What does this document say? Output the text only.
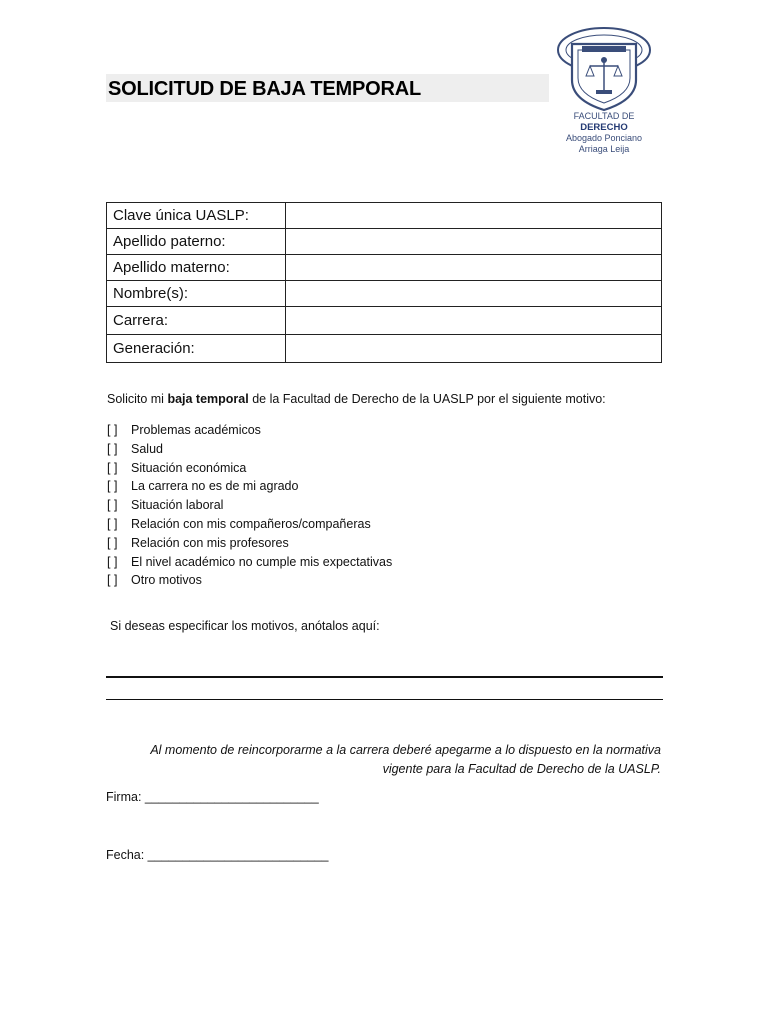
SOLICITUD DE BAJA TEMPORAL
FACULTAD DE
DERECHO
Abogado Ponciano
Arriaga Leija
Clave única UASLP:	
Apellido paterno:	
Apellido materno:	
Nombre(s):	
Carrera:	
Generación:	
Solicito mi baja temporal de la Facultad de Derecho de la UASLP por el siguiente motivo:
[ ] Problemas académicos
[ ] Salud
[ ] Situación económica
[ ] La carrera no es de mi agrado
[ ] Situación laboral
[ ] Relación con mis compañeros/compañeras
[ ] Relación con mis profesores
[ ] El nivel académico no cumple mis expectativas
[ ] Otro motivos
Si deseas especificar los motivos, anótalos aquí:
Al momento de reincorporarme a la carrera deberé apegarme a lo dispuesto en la normativa
vigente para la Facultad de Derecho de la UASLP.
Firma: _________________________
Fecha: __________________________
